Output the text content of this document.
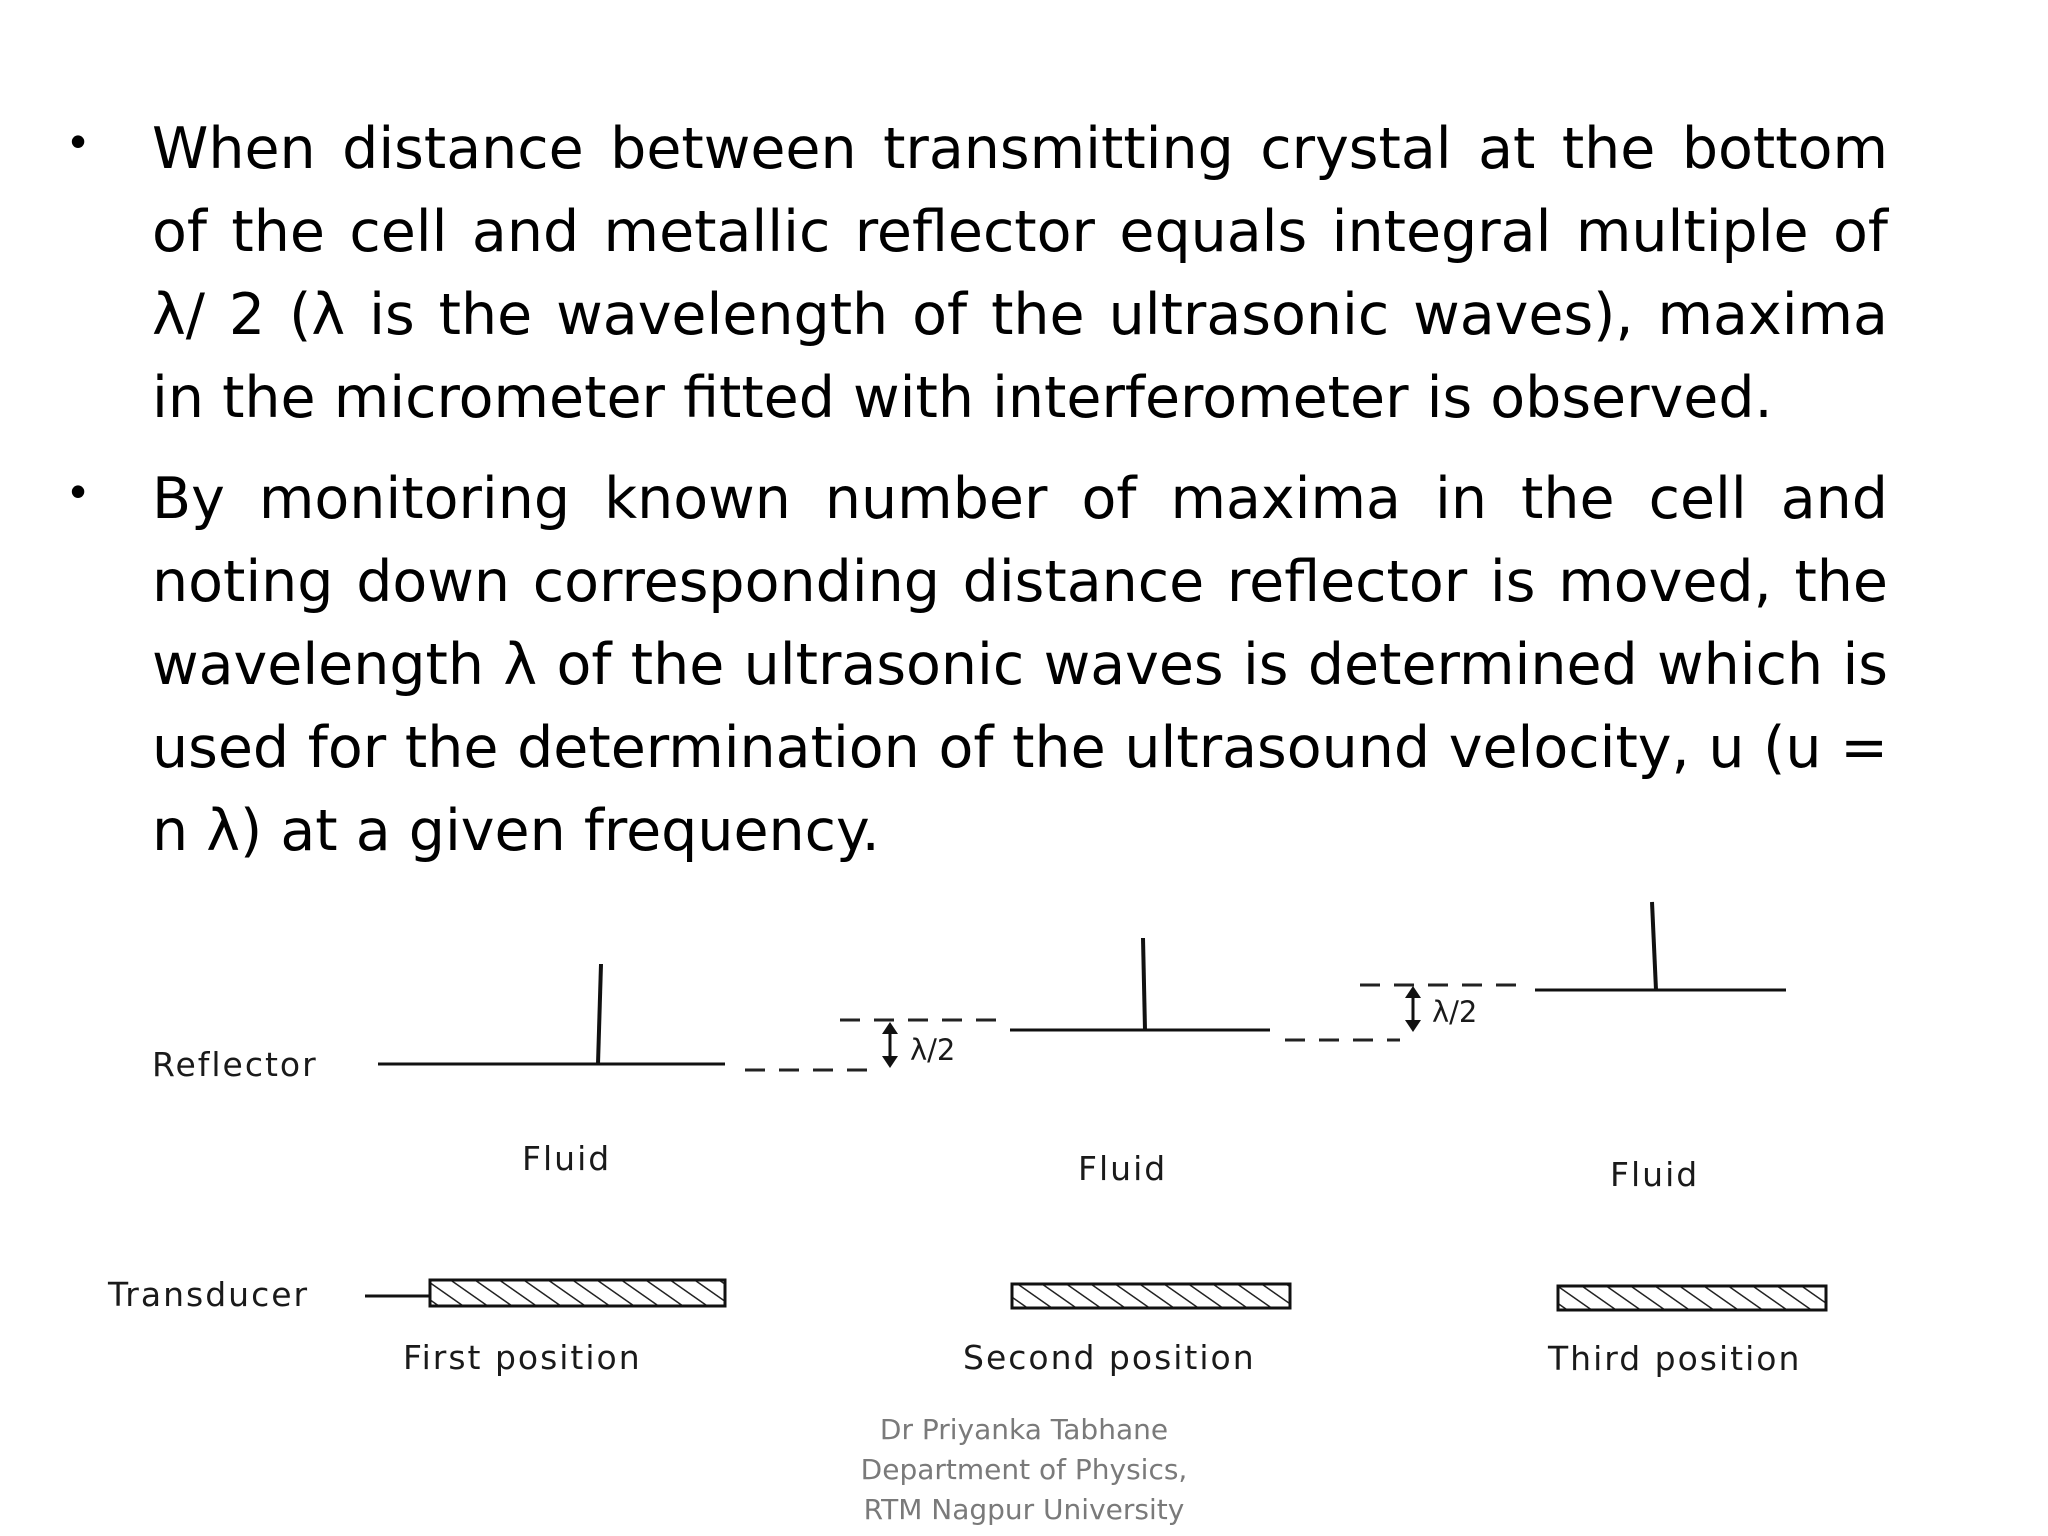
• When distance between transmitting crystal at the bottom of the cell and metallic reflector equals integral multiple of λ/ 2 (λ is the wavelength of the ultrasonic waves), maxima in the micrometer fitted with interferometer is observed.
• By monitoring known number of maxima in the cell and noting down corresponding distance reflector is moved, the wavelength λ of the ultrasonic waves is determined which is used for the determination of the ultrasound velocity, u (u = n λ) at a given frequency.
Reflector	λ/2
λ/2
Fluid	Fluid	Fluid
Transducer
First position	Second position	Third position
Dr Priyanka Tabhane
Department of Physics,
RTM Nagpur University
